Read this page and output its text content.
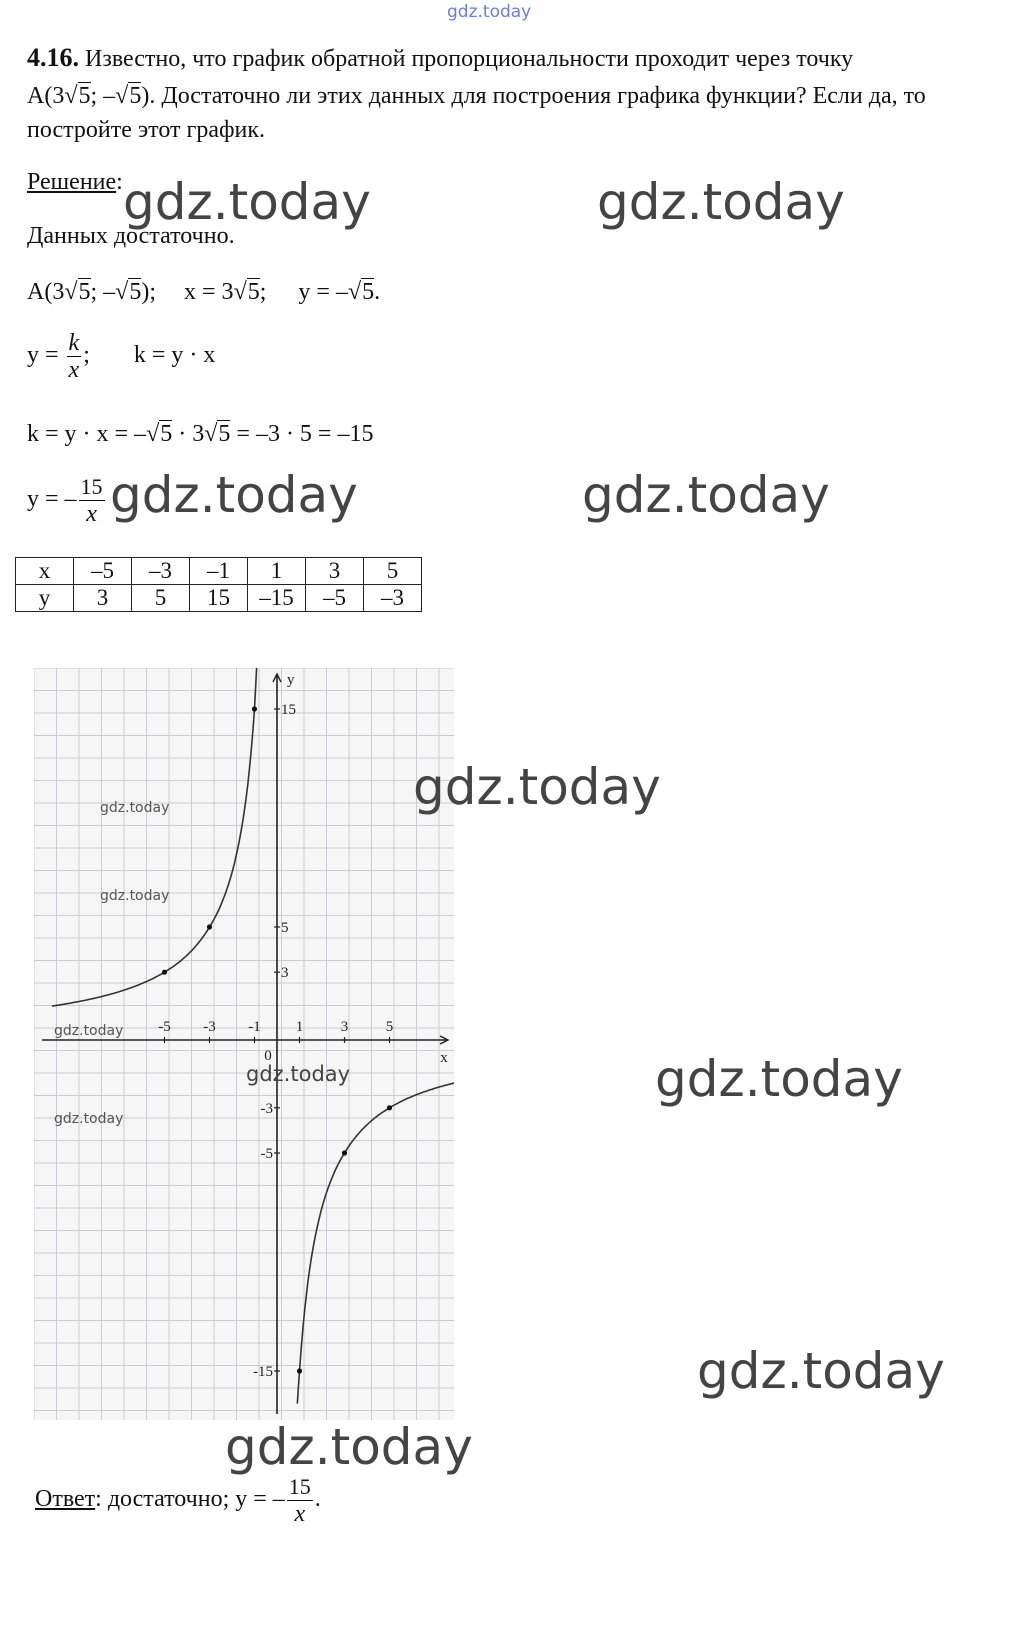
gdz.today
4.16. Известно, что график обратной пропорциональности проходит через точку
A(3√5; –√5). Достаточно ли этих данных для построения графика функции? Если да, то
постройте этот график.
Решение: gdz.today	gdz.today
Данных достаточно.
A(3√5; –√5); x = 3√5; y = –√5.
$y = \frac{k}{x}$ ; k = y · x
k = y · x = –√5 · 3√5 = –3 · 5 = –15
y = – $\frac{15}{x}$ gdz.today	gdz.today
x	–5	–3	–1	1	3	5
y	3	5	15	–15	–5	–3
-5 -3 -1 1	3	5
15
5
3
-3
-5
-15
x
y
0
gdz.today
gdz.today
gdz.today
gdz.today
gdz.today
gdz.today
gdz.today
gdz.today
gdz.today
Ответ: достаточно; y = – $\frac{15}{x}$ .
